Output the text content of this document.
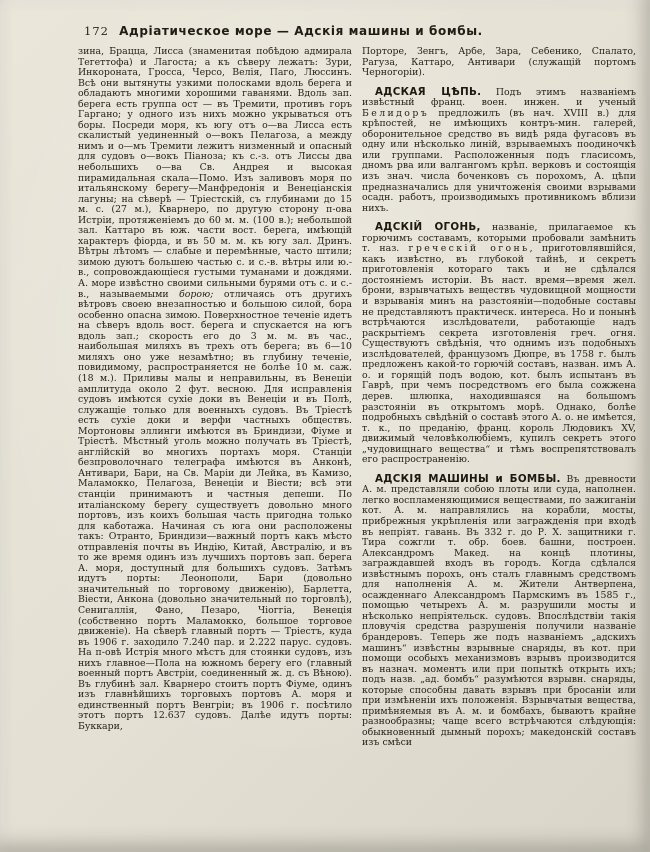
172 Адріатическое море — Адскія машины и бомбы.

зина, Брацца, Лисса (знаменитая побѣдою адмирала Тегеттофа) и Лагоста; а къ сѣверу лежатъ: Зури, Инкороната, Гросса, Черсо, Велія, Паго, Люссинъ. Всѣ они вытянуты узкими полосками вдоль берега и обладаютъ многими хорошими гаванями. Вдоль зап. берега есть группа ост — въ Тремити, противъ горъ Гаргано; у одного изъ нихъ можно укрываться отъ боры. Посреди моря, къ югу отъ о—ва Лисса есть скалистый уединенный о—вокъ Пелагоза, а между нимъ и о—мъ Тремити лежитъ низменный и опасный для судовъ о—вокъ Піаноза; къ с.-з. отъ Лиссы два небольшихъ о—ва Св. Андрея и высокая пирамидальная скала—Помо. Изъ заливовъ моря по итальянскому берегу—Манфредонія и Венеціанскія лагуны; на сѣверѣ — Тріестскій, съ глубинами до 15 м. с. (27 м.), Кварнеро, по другую сторону п-ова Истріи, протяженіемъ до 60 м. м. (100 в.); небольшой зал. Каттаро въ юж. части вост. берега, имѣющій характеръ фіорда, и въ 50 м. м. къ югу зал. Дринъ. Вѣтры лѣтомъ — слабые и перемѣнные, часто штили; зимою дуютъ большею частью с. и с.-в. вѣтры или ю.-в., сопровождающіеся густыми туманами и дождями. А. море извѣстно своими сильными бурями отъ с. и с.-в., называемыми борою; отличаясь отъ другихъ вѣтровъ своею внезапностью и большою силой, бора особенно опасна зимою. Поверхностное теченіе идетъ на сѣверъ вдоль вост. берега и спускается на югъ вдоль зап.; скорость его до 3 м. м. въ час., наибольшая миляхъ въ трехъ отъ берега; въ 6—10 миляхъ оно уже незамѣтно; въ глубину теченіе, повидимому, распространяется не болѣе 10 м. саж. (18 м.). Приливы малы и неправильны, въ Венеціи амплитуда около 2 фут. весною. Для исправленія судовъ имѣются сухіе доки въ Венеціи и въ Полѣ, служащіе только для военныхъ судовъ. Въ Тріестѣ есть сухіе доки и верфи частныхъ обществъ. Мортоновы эллинги имѣются въ Бриндизи, Фіуме и Тріестѣ. Мѣстный уголь можно получать въ Тріестѣ, англійскій во многихъ портахъ моря. Станціи безпроволочнаго телеграфа имѣются въ Анконѣ, Антивари, Бари, на Св. Маріи ди Лейка, въ Камизо, Маламокко, Пелагоза, Венеціи и Віести; всѣ эти станціи принимаютъ и частныя депеши. По италіанскому берегу существуетъ довольно много портовъ, изъ коихъ большая часть пригодна только для каботажа. Начиная съ юга они расположены такъ: Отранто, Бриндизи—важный портъ какъ мѣсто отправленія почты въ Индію, Китай, Австралію, и въ то же время одинъ изъ лучшихъ портовъ зап. берега А. моря, доступный для большихъ судовъ. Затѣмъ идутъ порты: Леонополи, Бари (довольно значительный по торговому движенію), Барлетта, Віести, Анкона (довольно значительный по торговлѣ), Сенигаллія, Фано, Пезаро, Чіоггіа, Венеція (собственно портъ Маламокко, большое торговое движеніе). На сѣверѣ главный портъ — Тріестъ, куда въ 1906 г. заходило 7.240 пар. и 2.222 парус. судовъ. На п-овѣ Истрія много мѣстъ для стоянки судовъ, изъ нихъ главное—Пола на южномъ берегу его (главный военный портъ Австріи, соединенный ж. д. съ Вѣною). Въ глубинѣ зал. Кварнеро стоитъ портъ Фіуме, одинъ изъ главнѣйшихъ торговыхъ портовъ А. моря и единственный портъ Венгріи; въ 1906 г. посѣтило этотъ портъ 12.637 судовъ. Далѣе идутъ порты: Буккари,

Порторе, Зенгъ, Арбе, Зара, Себенико, Спалато, Рагуза, Каттаро, Антивари (служащій портомъ Черногоріи).

АДСКАЯ ЦѢПЬ. Подъ этимъ названіемъ извѣстный франц. воен. инжен. и ученый Белидоръ предложилъ (въ нач. XVIII в.) для крѣпостей, не имѣющихъ контръ-мин. галерей, оборонительное средство въ видѣ ряда фугасовъ въ одну или нѣсколько линій, взрываемыхъ поодиночкѣ или группами. Расположенныя подъ гласисомъ, дномъ рва или валгангомъ крѣп. верковъ и состоящія изъ знач. числа боченковъ съ порохомъ, А. цѣпи предназначались для уничтоженія своими взрывами осадн. работъ, производимыхъ противникомъ вблизи нихъ.

АДСКІЙ ОГОНЬ, названіе, прилагаемое къ горючимъ составамъ, которыми пробовали замѣнить т. наз. греческій огонь, приготовлявшійся, какъ извѣстно, въ глубокой тайнѣ, и секретъ приготовленія котораго такъ и не сдѣлался достояніемъ исторіи. Въ наст. время—время жел. брони, взрывчатыхъ веществъ чудовищной мощности и взрыванія минъ на разстояніи—подобные составы не представляютъ практическ. интереса. Но и понынѣ встрѣчаются изслѣдователи, работающіе надъ раскрытіемъ секрета изготовленія греч. огня. Существуютъ свѣдѣнія, что однимъ изъ подобныхъ изслѣдователей, французомъ Дюпре, въ 1758 г. былъ предложенъ какой-то горючій составъ, назван. имъ А. о. и горящій подъ водою, кот. былъ испытанъ въ Гаврѣ, при чемъ посредствомъ его была сожжена дерев. шлюпка, находившаяся на большомъ разстояніи въ открытомъ морѣ. Однако, болѣе подробныхъ свѣдѣній о составѣ этого А. о. не имѣется, т. к., по преданію, франц. король Людовикъ XV, движимый человѣколюбіемъ, купилъ секретъ этого „чудовищнаго вещества“ и тѣмъ воспрепятствовалъ его распространенію.

АДСКІЯ МАШИНЫ и БОМБЫ. Въ древности А. м. представляли собою плоты или суда, наполнен. легко воспламеняющимися веществами, по зажиганіи кот. А. м. направлялись на корабли, мосты, прибрежныя укрѣпленія или загражденія при входѣ въ непріят. гавань. Въ 332 г. до Р. Х. защитники г. Тира сожгли т. обр. боев. башни, построен. Александромъ Макед. на концѣ плотины, заграждавшей входъ въ городъ. Когда сдѣлался извѣстнымъ порохъ, онъ сталъ главнымъ средствомъ для наполненія А. м. Жители Антверпена, осажденнаго Александромъ Пармскимъ въ 1585 г., помощью четырехъ А. м. разрушили мосты и нѣсколько непріятельск. судовъ. Впослѣдствіи такія пловучія средства разрушенія получили названіе брандеровъ. Теперь же подъ названіемъ „адскихъ машинъ“ извѣстны взрывные снаряды, въ кот. при помощи особыхъ механизмовъ взрывъ производится въ назнач. моментъ или при попыткѣ открыть ихъ; подъ назв. „ад. бомбъ“ разумѣются взрывн. снаряды, которые способны давать взрывъ при бросаніи или при измѣненіи ихъ положенія. Взрывчатыя вещества, примѣняемыя въ А. м. и бомбахъ, бываютъ крайне разнообразны; чаще всего встрѣчаются слѣдующія: обыкновенный дымный порохъ; македонскій составъ изъ смѣси
